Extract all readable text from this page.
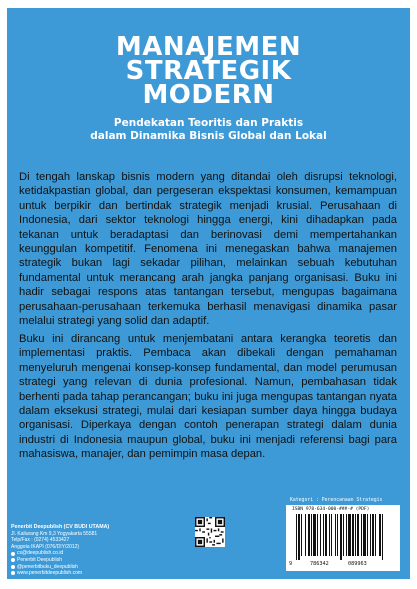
MANAJEMEN
STRATEGIK
MODERN
Pendekatan Teoritis dan Praktis
dalam Dinamika Bisnis Global dan Lokal

Di tengah lanskap bisnis modern yang ditandai oleh disrupsi teknologi, ketidakpastian global, dan pergeseran ekspektasi konsumen, kemampuan untuk berpikir dan bertindak strategik menjadi krusial. Perusahaan di Indonesia, dari sektor teknologi hingga energi, kini dihadapkan pada tekanan untuk beradaptasi dan berinovasi demi mempertahankan keunggulan kompetitif. Fenomena ini menegaskan bahwa manajemen strategik bukan lagi sekadar pilihan, melainkan sebuah kebutuhan fundamental untuk merancang arah jangka panjang organisasi. Buku ini hadir sebagai respons atas tantangan tersebut, mengupas bagaimana perusahaan-perusahaan terkemuka berhasil menavigasi dinamika pasar melalui strategi yang solid dan adaptif.

Buku ini dirancang untuk menjembatani antara kerangka teoretis dan implementasi praktis. Pembaca akan dibekali dengan pemahaman menyeluruh mengenai konsep-konsep fundamental, dan model perumusan strategi yang relevan di dunia profesional. Namun, pembahasan tidak berhenti pada tahap perancangan; buku ini juga mengupas tantangan nyata dalam eksekusi strategi, mulai dari kesiapan sumber daya hingga budaya organisasi. Diperkaya dengan contoh penerapan strategi dalam dunia industri di Indonesia maupun global, buku ini menjadi referensi bagi para mahasiswa, manajer, dan pemimpin masa depan.

Penerbit Deepublish (CV BUDI UTAMA)
Jl. Kaliurang Km 9,3 Yogyakarta 55581
Telp/Fax : (0274) 4533427
Anggota IKAPI (076/DIY/2012)
cs@deepublish.co.id
Penerbit Deepublish
@penerbitbuku_deepublish
www.penerbitdeepublish.com
Kategori : Perencanaan Strategis
ISBN 978-634-000-###-# (PDF)
9	786342	089963
